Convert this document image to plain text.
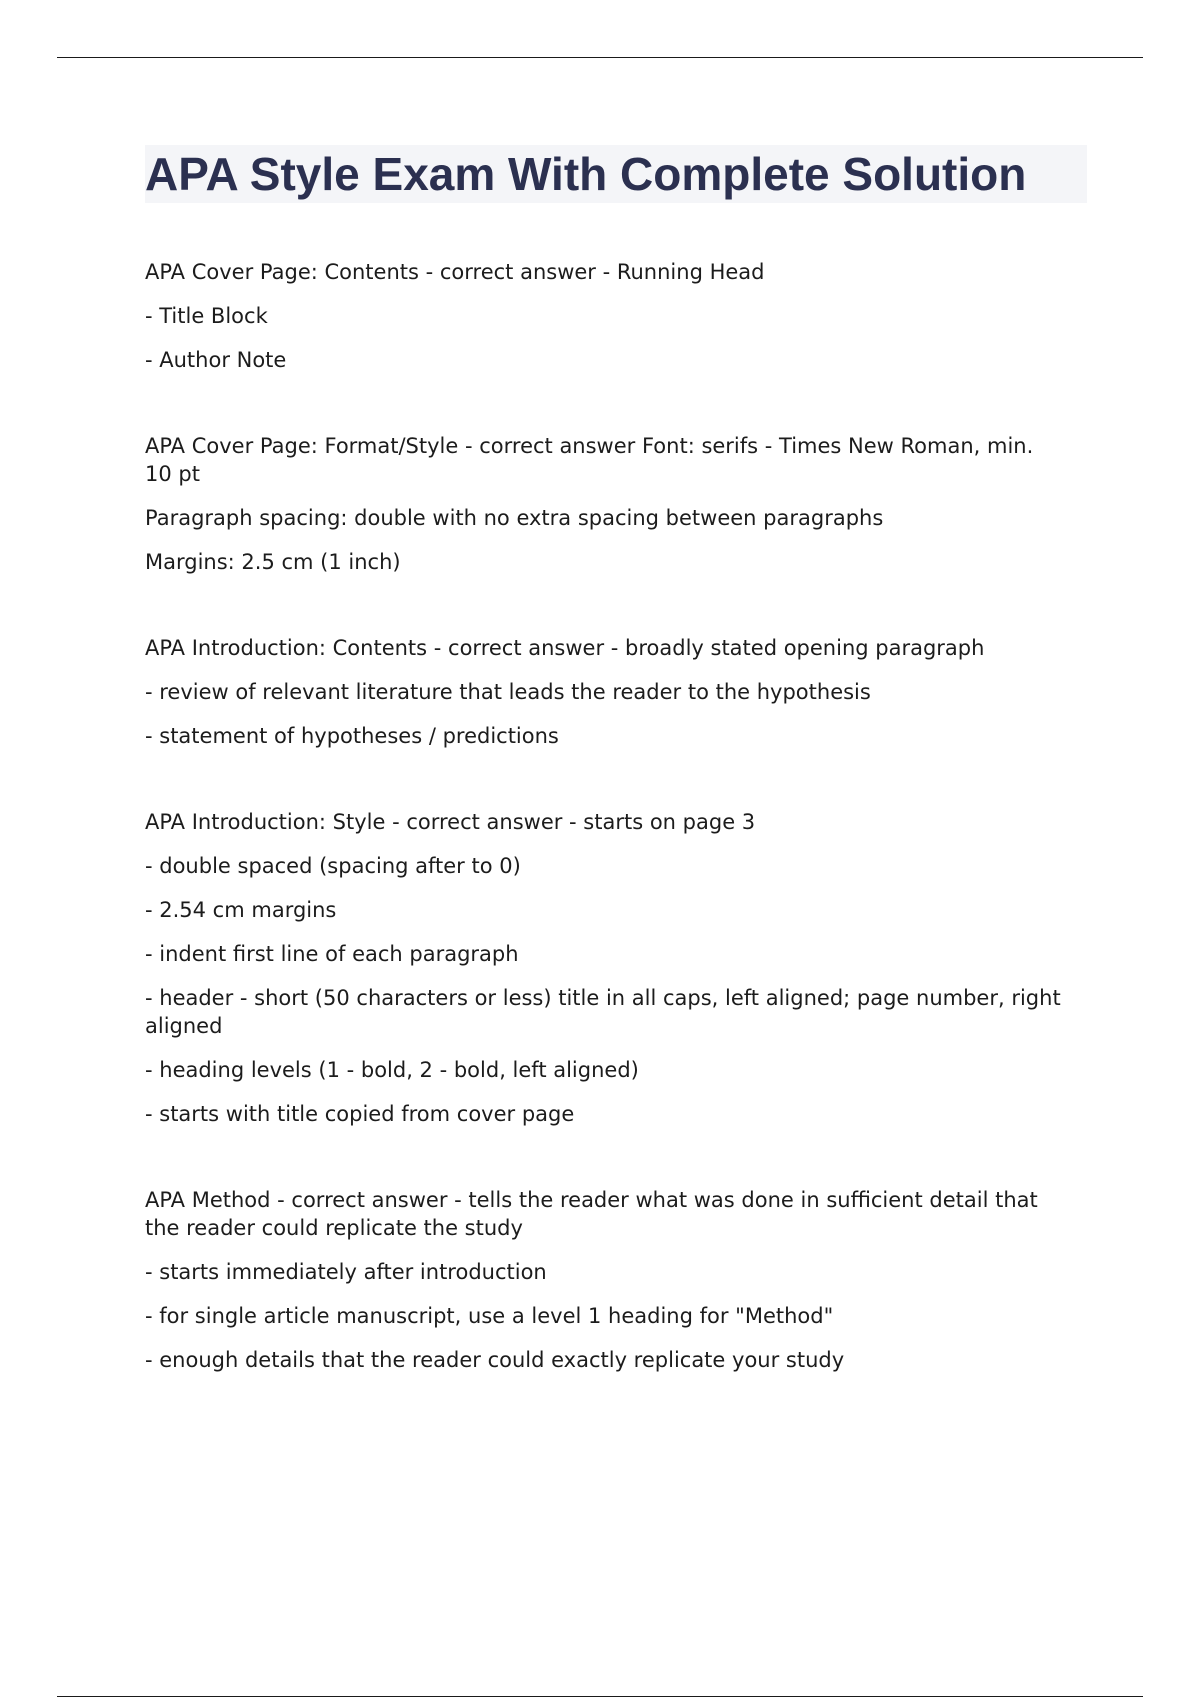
APA Style Exam With Complete Solution

APA Cover Page: Contents - correct answer - Running Head

- Title Block

- Author Note

APA Cover Page: Format/Style - correct answer Font: serifs - Times New Roman, min. 10 pt

Paragraph spacing: double with no extra spacing between paragraphs

Margins: 2.5 cm (1 inch)

APA Introduction: Contents - correct answer - broadly stated opening paragraph

- review of relevant literature that leads the reader to the hypothesis

- statement of hypotheses / predictions

APA Introduction: Style - correct answer - starts on page 3

- double spaced (spacing after to 0)

- 2.54 cm margins

- indent first line of each paragraph

- header - short (50 characters or less) title in all caps, left aligned; page number, right aligned

- heading levels (1 - bold, 2 - bold, left aligned)

- starts with title copied from cover page

APA Method - correct answer - tells the reader what was done in sufficient detail that the reader could replicate the study

- starts immediately after introduction

- for single article manuscript, use a level 1 heading for "Method"

- enough details that the reader could exactly replicate your study
